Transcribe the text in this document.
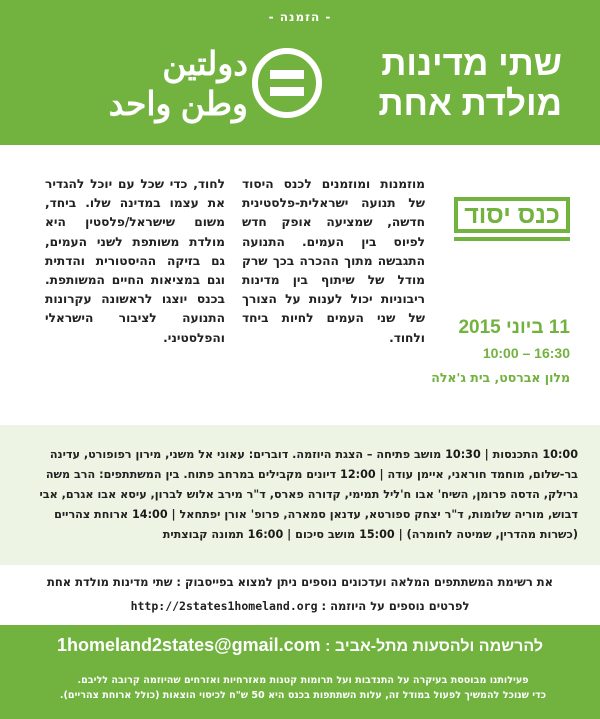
- הזמנה -
שתי מדינות
מולדת אחת
دولتين
وطن واحد
כנס יסוד
11 ביוני 2015
10:00 – 16:30
מלון אברסט, בית ג'אלה
מוזמנות ומוזמנים לכנס היסוד של תנועה ישראלית-פלסטינית חדשה, שמציעה אופק חדש לפיוס בין העמים. התנועה התגבשה מתוך ההכרה בכך שרק מודל של שיתוף בין מדינות ריבוניות יכול לענות על הצורך של שני העמים לחיות ביחד ולחוד.
לחוד, כדי שכל עם יוכל להגדיר את עצמו במדינה שלו. ביחד, משום שישראל/פלסטין היא מולדת משותפת לשני העמים, גם בזיקה ההיסטורית והדתית וגם במציאות החיים המשותפת. בכנס יוצגו לראשונה עקרונות התנועה לציבור הישראלי והפלסטיני.
10:00 התכנסות | 10:30 מושב פתיחה – הצגת היוזמה. דוברים: עאוני אל משני, מירון רפופורט, עדינה בר-שלום, מוחמד חוראני, איימן עודה | 12:00 דיונים מקבילים במרחב פתוח. בין המשתתפים: הרב משה גרילק, הדסה פרומן, השיח' אבו ח'ליל תמימי, קדורה פארס, ד"ר מירב אלוש לברון, עיסא אבו אגרם, אבי דבוש, מוריה שלומות, ד"ר יצחק ספורטא, עדנאן סמארה, פרופ' אורן יפתחאל | 14:00 ארוחת צהריים (כשרות מהדרין, שמיטה לחומרה) | 15:00 מושב סיכום | 16:00 תמונה קבוצתית
את רשימת המשתתפים המלאה ועדכונים נוספים ניתן למצוא בפייסבוק : שתי מדינות מולדת אחת
לפרטים נוספים על היוזמה : http://2states1homeland.org
להרשמה ולהסעות מתל-אביב : 1homeland2states@gmail.com
פעילותנו מבוססת בעיקרה על התנדבות ועל תרומות קטנות מאזרחיות ואזרחים שהיוזמה קרובה לליבם.
כדי שנוכל להמשיך לפעול במודל זה, עלות השתתפות בכנס היא 50 ש"ח לכיסוי הוצאות (כולל ארוחת צהריים).
